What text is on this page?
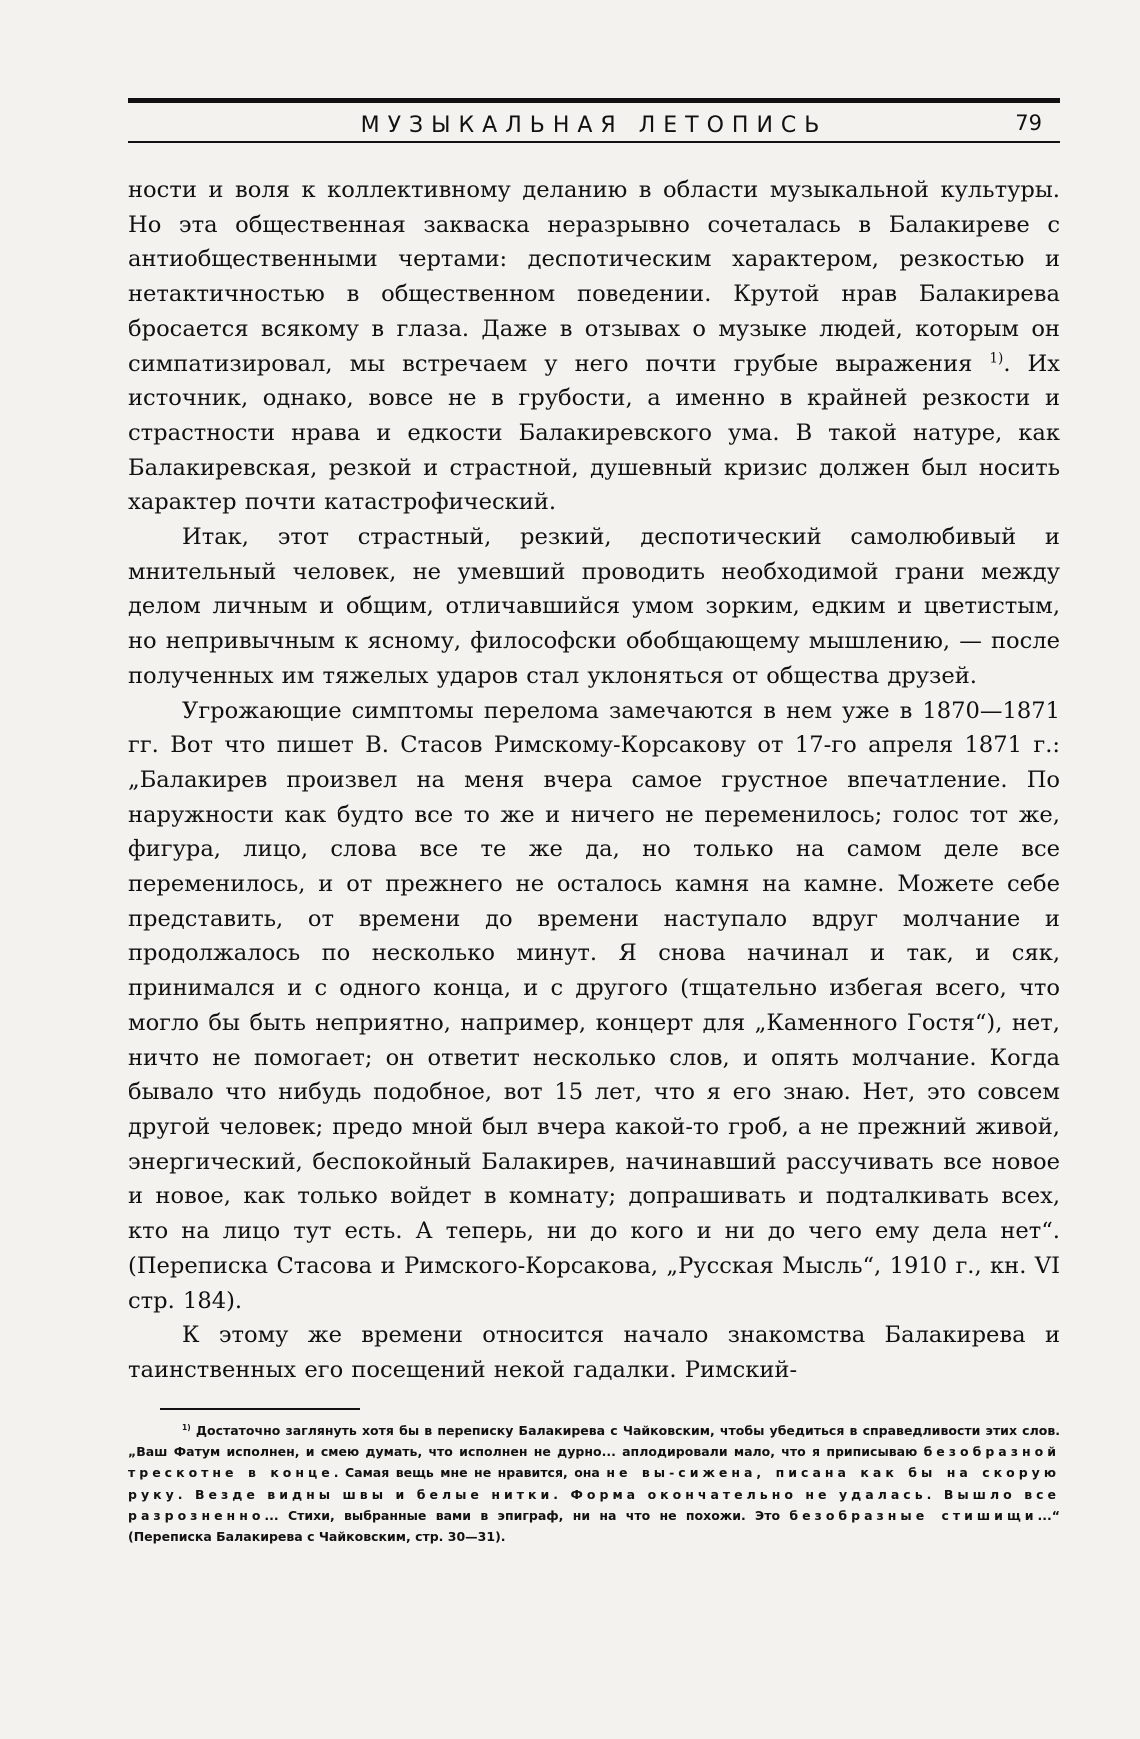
МУЗЫКАЛЬНАЯ ЛЕТОПИСЬ	79

ности и воля к коллективному деланию в области музыкальной культуры. Но эта общественная закваска неразрывно сочеталась в Балакиреве с антиобщественными чертами: деспотическим характером, резкостью и нетактичностью в общественном поведении. Крутой нрав Балакирева бросается всякому в глаза. Даже в отзывах о музыке людей, которым он симпатизировал, мы встречаем у него почти грубые выражения $^{1)}$. Их источник, однако, вовсе не в грубости, а именно в крайней резкости и страстности нрава и едкости Балакиревского ума. В такой натуре, как Балакиревская, резкой и страстной, душевный кризис должен был носить характер почти катастрофический.

Итак, этот страстный, резкий, деспотический самолюбивый и мнительный человек, не умевший проводить необходимой грани между делом личным и общим, отличавшийся умом зорким, едким и цветистым, но непривычным к ясному, философски обобщающему мышлению, — после полученных им тяжелых ударов стал уклоняться от общества друзей.

Угрожающие симптомы перелома замечаются в нем уже в 1870—1871 гг. Вот что пишет В. Стасов Римскому-Корсакову от 17-го апреля 1871 г.: „Балакирев произвел на меня вчера самое грустное впечатление. По наружности как будто все то же и ничего не переменилось; голос тот же, фигура, лицо, слова все те же да, но только на самом деле все переменилось, и от прежнего не осталось камня на камне. Можете себе представить, от времени до времени наступало вдруг молчание и продолжалось по несколько минут. Я снова начинал и так, и сяк, принимался и с одного конца, и с другого (тщательно избегая всего, что могло бы быть неприятно, например, концерт для „Каменного Гостя“), нет, ничто не помогает; он ответит несколько слов, и опять молчание. Когда бывало что нибудь подобное, вот 15 лет, что я его знаю. Нет, это совсем другой человек; предо мной был вчера какой-то гроб, а не прежний живой, энергический, беспокойный Балакирев, начинавший рассучивать все новое и новое, как только войдет в комнату; допрашивать и подталкивать всех, кто на лицо тут есть. А теперь, ни до кого и ни до чего ему дела нет“. (Переписка Стасова и Римского-Корсакова, „Русская Мысль“, 1910 г., кн. VI стр. 184).

К этому же времени относится начало знакомства Балакирева и таинственных его посещений некой гадалки. Римский-

$^{1)}$ Достаточно заглянуть хотя бы в переписку Балакирева с Чайковским, чтобы убедиться в справедливости этих слов. „Ваш Фатум исполнен, и смею думать, что исполнен не дурно... аплодировали мало, что я приписываю безобразной трескотне в конце. Самая вещь мне не нравится, она не вы-сижена, писана как бы на скорую руку. Везде видны швы и белые нитки. Форма окончательно не удалась. Вышло все разрозненно... Стихи, выбранные вами в эпиграф, ни на что не похожи. Это безобразные стишищи...“ (Переписка Балакирева с Чайковским, стр. 30—31).
